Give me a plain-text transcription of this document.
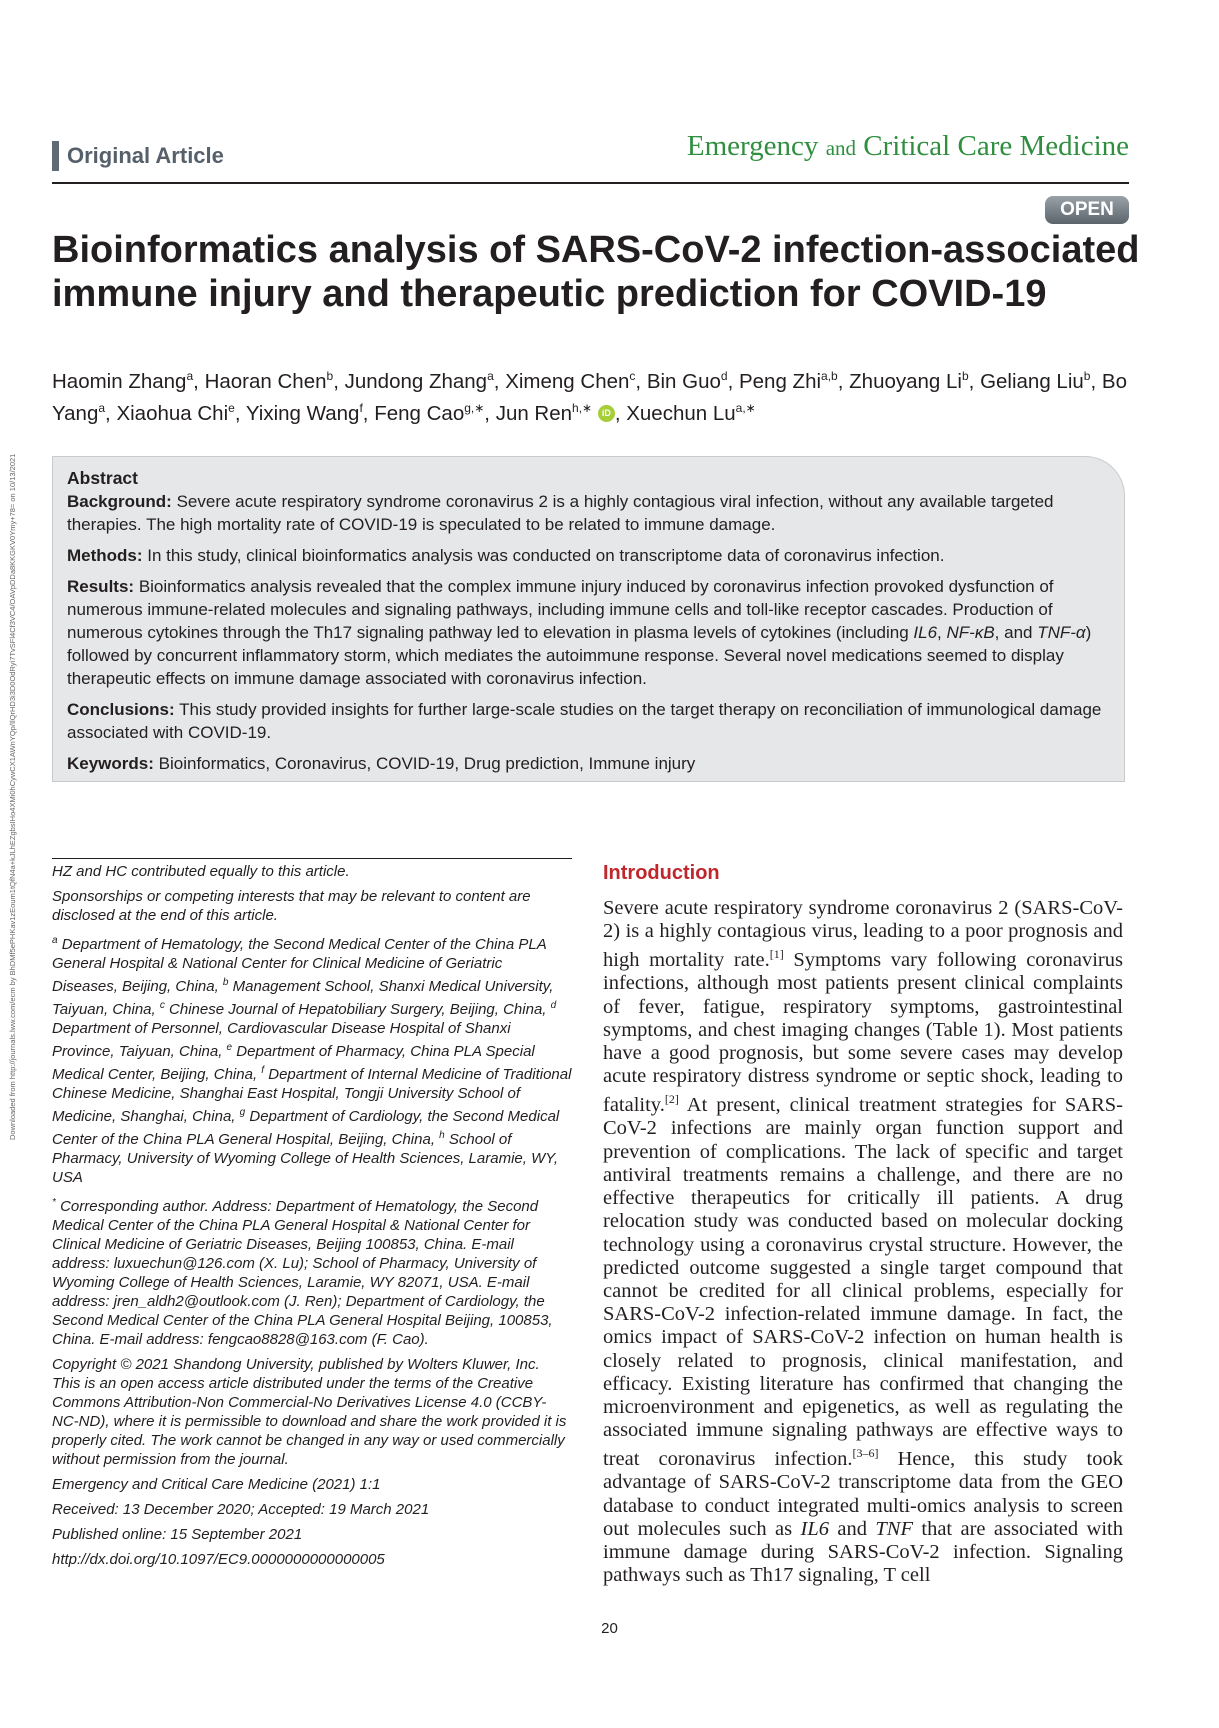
Original Article	Emergency and Critical Care Medicine
OPEN
Bioinformatics analysis of SARS-CoV-2 infection-associated immune injury and therapeutic prediction for COVID-19

Haomin Zhang$^a$, Haoran Chen$^b$, Jundong Zhang$^a$, Ximeng Chen$^c$, Bin Guo$^d$, Peng Zhi$^{a,b}$, Zhuoyang Li$^b$, Geliang Liu$^b$, Bo Yang$^a$, Xiaohua Chi$^e$, Yixing Wang$^f$, Feng Cao$^{g,∗}$, Jun Ren$^{h,∗}$ iD , Xuechun $Lu^{a,∗}$

Abstract

Background: Severe acute respiratory syndrome coronavirus 2 is a highly contagious viral infection, without any available targeted therapies. The high mortality rate of COVID-19 is speculated to be related to immune damage.

Methods: In this study, clinical bioinformatics analysis was conducted on transcriptome data of coronavirus infection.

Results: Bioinformatics analysis revealed that the complex immune injury induced by coronavirus infection provoked dysfunction of numerous immune-related molecules and signaling pathways, including immune cells and toll-like receptor cascades. Production of numerous cytokines through the Th17 signaling pathway led to elevation in plasma levels of cytokines (including IL6, NF-κB, and TNF-α) followed by concurrent inflammatory storm, which mediates the autoimmune response. Several novel medications seemed to display therapeutic effects on immune damage associated with coronavirus infection.

Conclusions: This study provided insights for further large-scale studies on the target therapy on reconciliation of immunological damage associated with COVID-19.

Keywords: Bioinformatics, Coronavirus, COVID-19, Drug prediction, Immune injury

Downloaded from http://journals.lww.com/ecm by BhDMf5ePHKav1zEoum1tQfN4a+kJLhEZgbsIHo4XMi0hCywCX1AWnYQp/IlQrHD3i3D0OdRyi7TvSFl4Cf3VC4/OAVpDDa8KKGKV0Ymy+78= on 10/13/2021 HZ and HC contributed equally to this article.

Sponsorships or competing interests that may be relevant to content are disclosed at the end of this article.

$^a$ Department of Hematology, the Second Medical Center of the China PLA General Hospital & National Center for Clinical Medicine of Geriatric Diseases, Beijing, China, $^b$ Management School, Shanxi Medical University, Taiyuan, China, $^c$ Chinese Journal of Hepatobiliary Surgery, Beijing, China, $^d$ Department of Personnel, Cardiovascular Disease Hospital of Shanxi Province, Taiyuan, China, $^e$ Department of Pharmacy, China PLA Special Medical Center, Beijing, China, $^f$ Department of Internal Medicine of Traditional Chinese Medicine, Shanghai East Hospital, Tongji University School of Medicine, Shanghai, China, $^g$ Department of Cardiology, the Second Medical Center of the China PLA General Hospital, Beijing, China, $^h$ School of Pharmacy, University of Wyoming College of Health Sciences, Laramie, WY, USA

* Corresponding author. Address: Department of Hematology, the Second Medical Center of the China PLA General Hospital & National Center for Clinical Medicine of Geriatric Diseases, Beijing 100853, China. E-mail address: luxuechun@126.com (X. Lu); School of Pharmacy, University of Wyoming College of Health Sciences, Laramie, WY 82071, USA. E-mail address: jren_aldh2@outlook.com (J. Ren); Department of Cardiology, the Second Medical Center of the China PLA General Hospital Beijing, 100853, China. E-mail address: fengcao8828@163.com (F. Cao).

Copyright © 2021 Shandong University, published by Wolters Kluwer, Inc.
This is an open access article distributed under the terms of the Creative Commons Attribution-Non Commercial-No Derivatives License 4.0 (CCBY-NC-ND), where it is permissible to download and share the work provided it is properly cited. The work cannot be changed in any way or used commercially without permission from the journal.

Emergency and Critical Care Medicine (2021) 1:1

Received: 13 December 2020; Accepted: 19 March 2021

Published online: 15 September 2021

http://dx.doi.org/10.1097/EC9.0000000000000005

Introduction

Severe acute respiratory syndrome coronavirus 2 (SARS-CoV-2) is a highly contagious virus, leading to a poor prognosis and high mortality rate.[1] Symptoms vary following coronavirus infections, although most patients present clinical complaints of fever, fatigue, respiratory symptoms, gastrointestinal symptoms, and chest imaging changes (Table 1). Most patients have a good prognosis, but some severe cases may develop acute respiratory distress syndrome or septic shock, leading to fatality.[2] At present, clinical treatment strategies for SARS-CoV-2 infections are mainly organ function support and prevention of complications. The lack of specific and target antiviral treatments remains a challenge, and there are no effective therapeutics for critically ill patients. A drug relocation study was conducted based on molecular docking technology using a coronavirus crystal structure. However, the predicted outcome suggested a single target compound that cannot be credited for all clinical problems, especially for SARS-CoV-2 infection-related immune damage. In fact, the omics impact of SARS-CoV-2 infection on human health is closely related to prognosis, clinical manifestation, and efficacy. Existing literature has confirmed that changing the microenvironment and epigenetics, as well as regulating the associated immune signaling pathways are effective ways to treat coronavirus infection.[3–6] Hence, this study took advantage of SARS-CoV-2 transcriptome data from the GEO database to conduct integrated multi-omics analysis to screen out molecules such as IL6 and TNF that are associated with immune damage during SARS-CoV-2 infection. Signaling pathways such as Th17 signaling, T cell

20
